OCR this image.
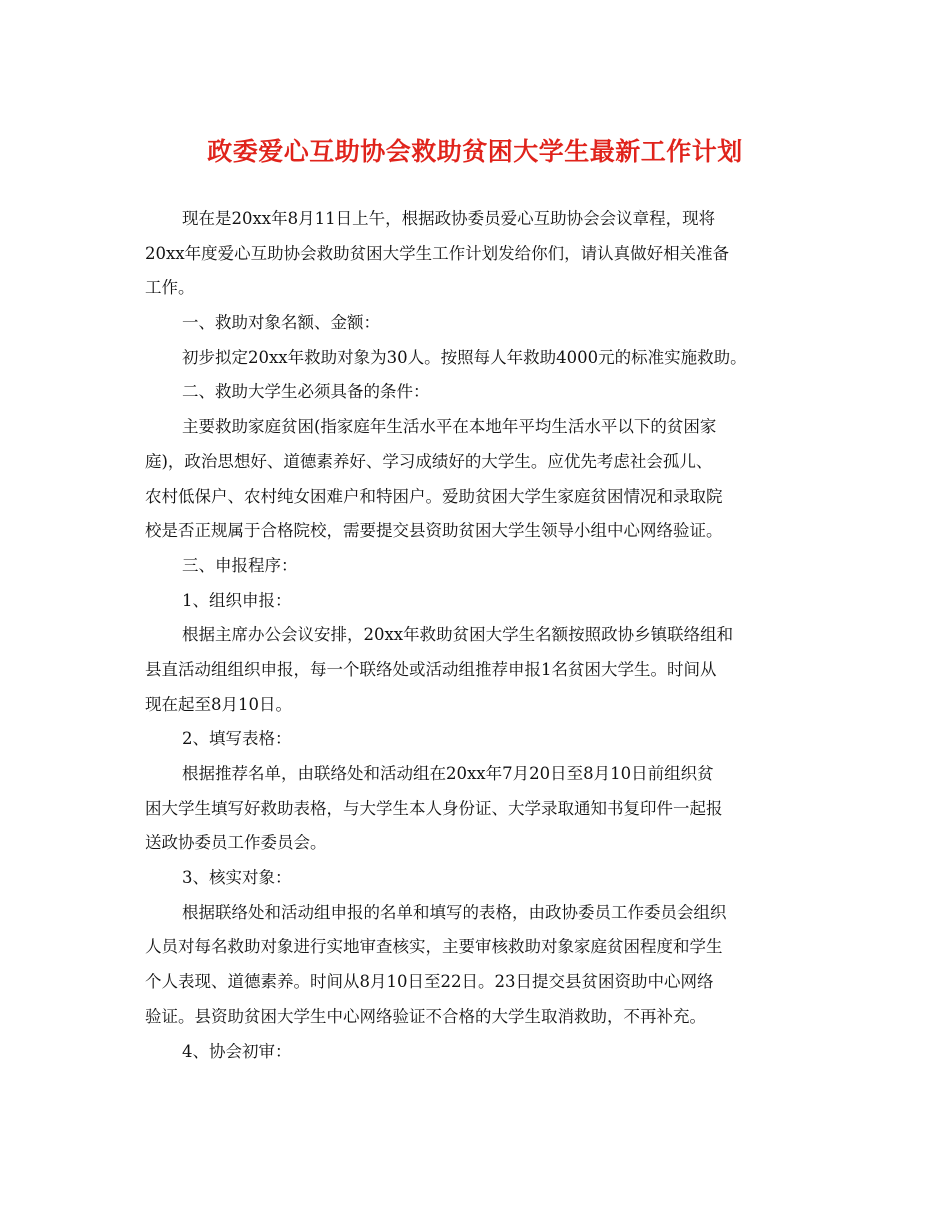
政委爱心互助协会救助贫困大学生最新工作计划
现在是20xx年8月11日上午，根据政协委员爱心互助协会会议章程，现将
20xx年度爱心互助协会救助贫困大学生工作计划发给你们，请认真做好相关准备
工作。
一、救助对象名额、金额：
初步拟定20xx年救助对象为30人。按照每人年救助4000元的标准实施救助。
二、救助大学生必须具备的条件：
主要救助家庭贫困(指家庭年生活水平在本地年平均生活水平以下的贫困家
庭)，政治思想好、道德素养好、学习成绩好的大学生。应优先考虑社会孤儿、
农村低保户、农村纯女困难户和特困户。爱助贫困大学生家庭贫困情况和录取院
校是否正规属于合格院校，需要提交县资助贫困大学生领导小组中心网络验证。
三、申报程序：
1、组织申报：
根据主席办公会议安排，20xx年救助贫困大学生名额按照政协乡镇联络组和
县直活动组组织申报，每一个联络处或活动组推荐申报1名贫困大学生。时间从
现在起至8月10日。
2、填写表格：
根据推荐名单，由联络处和活动组在20xx年7月20日至8月10日前组织贫
困大学生填写好救助表格，与大学生本人身份证、大学录取通知书复印件一起报
送政协委员工作委员会。
3、核实对象：
根据联络处和活动组申报的名单和填写的表格，由政协委员工作委员会组织
人员对每名救助对象进行实地审查核实，主要审核救助对象家庭贫困程度和学生
个人表现、道德素养。时间从8月10日至22日。23日提交县贫困资助中心网络
验证。县资助贫困大学生中心网络验证不合格的大学生取消救助，不再补充。
4、协会初审：
